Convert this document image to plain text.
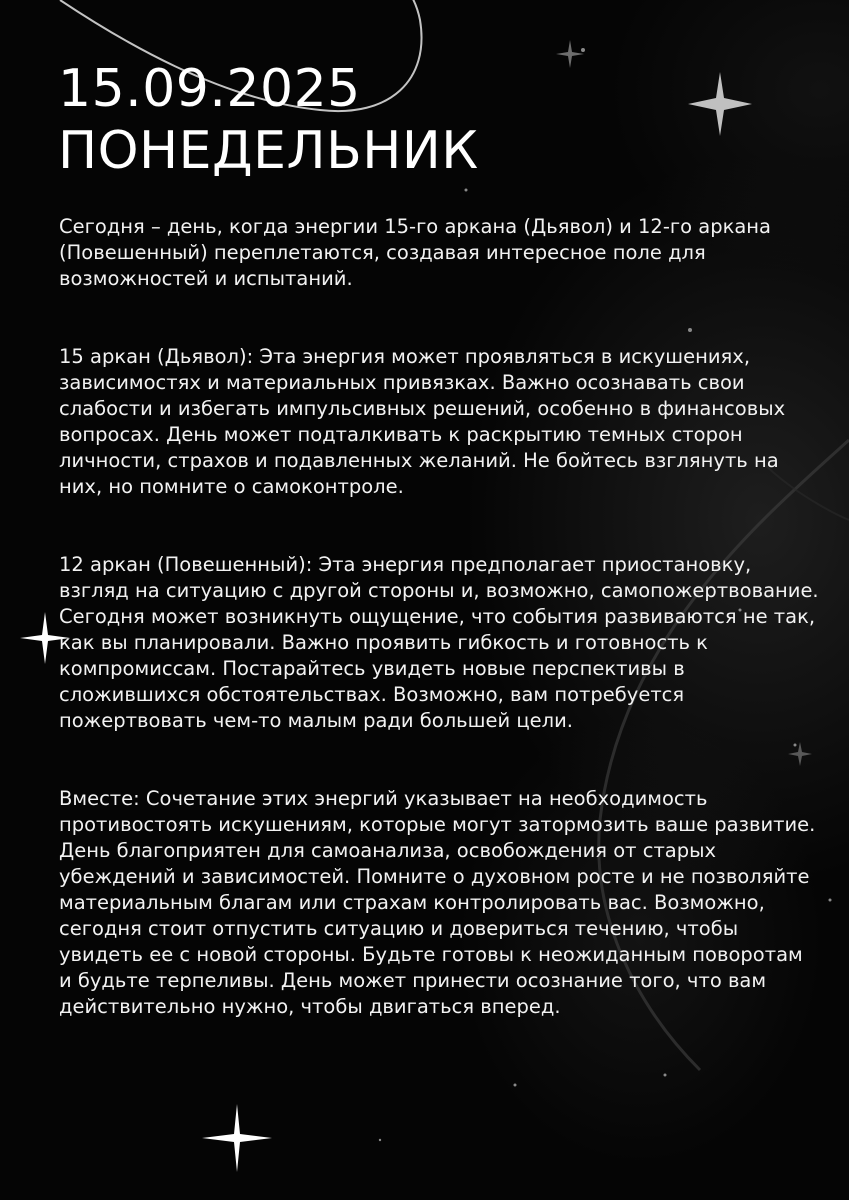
15.09.2025
ПОНЕДЕЛЬНИК

Сегодня – день, когда энергии 15-го аркана (Дьявол) и 12-го аркана (Повешенный) переплетаются, создавая интересное поле для возможностей и испытаний.

15 аркан (Дьявол): Эта энергия может проявляться в искушениях, зависимостях и материальных привязках. Важно осознавать свои слабости и избегать импульсивных решений, особенно в финансовых вопросах. День может подталкивать к раскрытию темных сторон личности, страхов и подавленных желаний. Не бойтесь взглянуть на них, но помните о самоконтроле.

12 аркан (Повешенный): Эта энергия предполагает приостановку, взгляд на ситуацию с другой стороны и, возможно, самопожертвование. Сегодня может возникнуть ощущение, что события развиваются не так, как вы планировали. Важно проявить гибкость и готовность к компромиссам. Постарайтесь увидеть новые перспективы в сложившихся обстоятельствах. Возможно, вам потребуется пожертвовать чем-то малым ради большей цели.

Вместе: Сочетание этих энергий указывает на необходимость противостоять искушениям, которые могут затормозить ваше развитие. День благоприятен для самоанализа, освобождения от старых убеждений и зависимостей. Помните о духовном росте и не позволяйте материальным благам или страхам контролировать вас. Возможно, сегодня стоит отпустить ситуацию и довериться течению, чтобы увидеть ее с новой стороны. Будьте готовы к неожиданным поворотам и будьте терпеливы. День может принести осознание того, что вам действительно нужно, чтобы двигаться вперед.
